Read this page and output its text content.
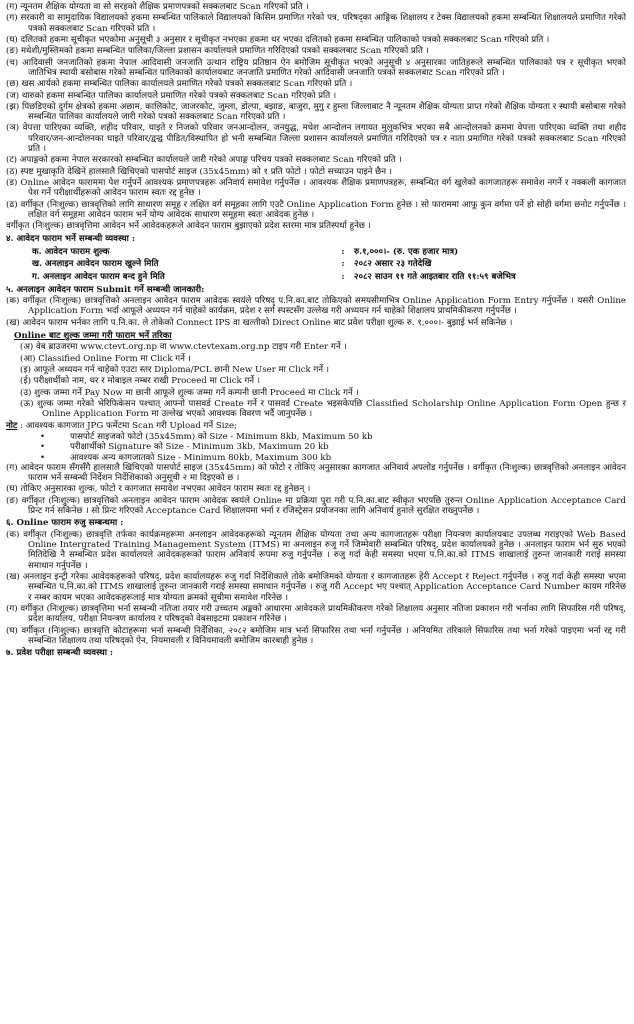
(ग) न्यूनतम शैक्षिक योग्यता वा सो सरहको शैक्षिक प्रमाणपत्रको सक्कलबाट Scan गरिएको प्रति ।

(ग) सरकारी वा सामुदायिक विद्यालयको हकमा सम्बन्धित पालिकाले विद्यालयको किसिम प्रमाणित गरेको पत्र, परिषद्का आङ्गिक शिक्षालय र टेक्स विद्यालयको हकमा सम्बन्धित शिक्षालयले प्रमाणित गरेको पत्रको सक्कलबाट Scan गरिएको प्रति ।

(घ) दलितको हकमा सूचीकृत भएकोमा अनुसूची ३ अनुसार र सूचीकृत नभएका हकमा थर भएका दलितको हकमा सम्बन्धित पालिकाको पत्रको सक्कलबाट Scan गरिएको प्रति ।

(ङ) मधेशी/मुस्लिमको हकमा सम्बन्धित पालिका/जिल्ला प्रशासन कार्यालयले प्रमाणित गरिदिएको पत्रको सक्कलबाट Scan गरिएको प्रति ।

(च) आदिवासी जनजातिको हकमा नेपाल आदिवासी जनजाति उत्थान राष्ट्रिय प्रतिष्ठान ऐन बमोजिम सूचीकृत भएको अनुसूची ४ अनुसारका जातिहरूले सम्बन्धित पालिकाको पत्र र सूचीकृत भएको जातिभित्र स्थायी बसोबास गरेको सम्बन्धित पालिकाको कार्यालयबाट जनजाति प्रमाणित गरेको आदिवासी जनजाति पत्रको सक्कलबाट Scan गरिएको प्रति ।

(छ) खस आर्यको हकमा सम्बन्धित पालिका कार्यालयले प्रमाणित गरेको पत्रको सक्कलबाट Scan गरिएको प्रति ।

(ज) थारुको हकमा सम्बन्धित पालिका कार्यालयले प्रमाणित गरेको पत्रको सक्कलबाट Scan गरिएको प्रति ।

(झ) पिछडिएको दुर्गम क्षेत्रको हकमा अछाम, कालिकोट, जाजरकोट, जुम्ला, डोल्पा, बझाङ, बाजुरा, मुगु र हुम्ला जिल्लाबाट नै न्यूनतम शैक्षिक योग्यता प्राप्त गरेको शैक्षिक योग्यता र स्थायी बसोबास गरेको सम्बन्धित पालिका कार्यालयले जारी गरेको पत्रको सक्कलबाट Scan गरिएको प्रति ।

(ञ) वेपत्ता पारिएका व्यक्ति, शहीद परिवार, घाइते र निजको परिवार जनआन्दोलन, जनयुद्ध, मधेश आन्दोलन लगायत मुलुकभित्र भएका सबै आन्दोलनको क्रममा वेपत्ता पारिएका व्यक्ति तथा शहीद परिवार/जन-आन्दोलनका घाइते परिवार/द्वन्द्व पीडित/विस्थापित हो भनी सम्बन्धित जिल्ला प्रशासन कार्यालयले प्रमाणित गरिदिएको पत्र र नाता प्रमाणित गरेको पत्रको सक्कलबाट Scan गरिएको प्रति ।

(ट) अपाङ्गको हकमा नेपाल सरकारको सम्बन्धित कार्यालयले जारी गरेको अपाङ्ग परिचय पत्रको सक्कलबाट Scan गरिएको प्रति ।

(ठ) स्पष्ट मुखाकृति देखिने हालसालै खिचिएको पासपोर्ट साइज (35x45mm) को १ प्रति फोटो । फोटो सच्याउन पाइने छैन ।

(ड) Online आवेदन फाराममा पेश गर्नुपर्ने आवश्यक प्रमाणपत्रहरू अनिवार्य समावेश गर्नुपर्नेछ । आवश्यक शैक्षिक प्रमाणपत्रहरू, सम्बन्धित वर्ग खुलेको कागजातहरू समावेश नगर्ने र नक्कली कागजात पेश गर्ने परीक्षार्थीहरूको आवेदन फाराम स्वतः रद्द हुनेछ ।

(ढ) वर्गीकृत (निःशुल्क) छात्रवृत्तिको लागि साधारण समूह र लक्षित वर्ग समूहका लागि एउटै Online Application Form हुनेछ । सो फाराममा आफू कुन वर्गमा पर्ने हो सोही वर्गमा छनोट गर्नुपर्नेछ । लक्षित वर्ग समूहमा आवेदन फाराम भर्ने योग्य आवेदक साधारण समूहमा स्वतः आवेदक हुनेछ ।

वर्गीकृत (निःशुल्क) छात्रवृत्तिमा आवेदन भर्ने आवेदकहरूले आवेदन फाराम बुझाएको प्रदेश स्तरमा मात्र प्रतिस्पर्धा हुनेछ ।

४. आवेदन फाराम भर्ने सम्बन्धी व्यवस्था :
क. आवेदन फाराम शुल्क	:	रु.१,०००।- (रु. एक हजार मात्र)
ख. अनलाइन आवेदन फाराम खुल्ने मिति	:	२०८२ असार २३ गतेदेखि
ग. अनलाइन आवेदन फाराम बन्द हुने मिति	:	२०८२ साउन ११ गते आइतबार राति ११:५९ बजेभित्र
५. अनलाइन आवेदन फाराम Submit गर्ने सम्बन्धी जानकारी:

(क) वर्गीकृत (निःशुल्क) छात्रवृत्तिको अनलाइन आवेदन फाराम आवेदक स्वयंले परिषद् प.नि.का.बाट तोकिएको समयसीमाभित्र Online Application Form Entry गर्नुपर्नेछ । यसरी Online Application Form भर्दा आफूले अध्ययन गर्न चाहेको कार्यक्रम, प्रदेश र सर्ग स्पस्टसँग उल्लेख गरी अध्ययन गर्न चाहेको शिक्षालय प्राथमिकीकरण गर्नुपर्नेछ ।

(ख) आवेदन फाराम भर्नका लागि प.नि.का. ले तोकेको Connect IPS वा खल्तीको Direct Online बाट प्रवेश परीक्षा शुल्क रु. १,०००।- बुझाई भर्न सकिनेछ ।

Online बाट शुल्क जम्मा गरी फाराम भर्ने तरिका

(अ) वेब ब्राउजरमा www.ctevt.org.np वा www.ctevtexam.org.np टाइप गरी Enter गर्ने ।

(आ) Classified Online Form मा Click गर्ने ।

(इ) आफूले अध्ययन गर्न चाहेको एउटा स्तर Diploma/PCL छानी New User मा Click गर्ने ।

(ई) परीक्षार्थीको नाम, थर र मोबाइल नम्बर राखी Proceed मा Click गर्ने ।

(उ) शुल्क जम्मा गर्ने Pay Now मा छानी आफूले शुल्क जम्मा गर्ने कम्पनी छानी Proceed मा Click गर्ने ।

(ऊ) शुल्क जम्मा गरेको भेरिफिकेसन पश्चात् आफ्नो पासवर्ड Create गर्ने र पासवर्ड Create भइसकेपछि Classified Scholarship Online Application Form Open हुन्छ र Online Application Form मा उल्लेख भएको आवश्यक विवरण भर्दै जानुपर्नेछ ।

नोट : आवश्यक कागजात JPG फर्मेटमा Scan गरी Upload गर्ने Size;

• पासपोर्ट साइजको फोटो (35x45mm) को Size - Minimum 8kb, Maximum 50 kb
• परीक्षार्थीको Signature को Size - Minimum 3kb, Maximum 20 kb
• आवश्यक अन्य कागजातको Size - Minimum 80kb, Maximum 300 kb

(ग) आवेदन फाराम सँगसँगै हालसालै खिचिएको पासपोर्ट साइज (35x45mm) को फोटो र तोकिए अनुसारका कागजात अनिवार्य अपलोड गर्नुपर्नेछ । वर्गीकृत (निःशुल्क) छात्रवृत्तिको अनलाइन आवेदन फाराम भर्ने सम्बन्धी निर्देशन निर्देशिकाको अनुसूची २ मा दिइएको छ ।

(घ) तोकिए अनुसारका शुल्क, फोटो र कागजात समावेश नभएका आवेदन फाराम स्वतः रद्द हुनेछन् ।

(ङ) वर्गीकृत (निःशुल्क) छात्रवृत्तिको अनलाइन आवेदन फाराम आवेदक स्वयंले Online मा प्रक्रिया पूरा गरी प.नि.का.बाट स्वीकृत भएपछि तुरुन्त Online Application Acceptance Card प्रिन्ट गर्न सकिनेछ । सो प्रिन्ट गरिएको Acceptance Card शिक्षालयमा भर्ना र रजिस्ट्रेसन प्रयोजनका लागि अनिवार्य हुनाले सुरक्षित राख्नुपर्नेछ ।

६. Online फाराम रुजु सम्बन्धमा :

(क) वर्गीकृत (निःशुल्क) छात्रवृत्ति तर्फका कार्यक्रमहरूमा अनलाइन आवेदकहरूको न्यूनतम शैक्षिक योग्यता तथा अन्य कागजातहरू परीक्षा नियन्त्रण कार्यालयबाट उपलब्ध गराइएको Web Based Online Intergrated Training Management System (ITMS) मा अनलाइन रुजु गर्ने जिम्मेवारी सम्बन्धित परिषद्, प्रदेश कार्यालयको हुनेछ । अनलाइन फाराम भर्न सुरु भएको मितिदेखि नै सम्बन्धित प्रदेश कार्यालयले आवेदकहरूको फाराम अनिवार्य रूपमा रुजु गर्नुपर्नेछ । रुजु गर्दा केही समस्या भएमा प.नि.का.को ITMS शाखालाई तुरुन्त जानकारी गराई समस्या समाधान गर्नुपर्नेछ ।

(ख) अनलाइन इन्ट्री गरेका आवेदकहरूको परिषद्, प्रदेश कार्यालयहरू रुजु गर्दा निर्देशिकाले तोके बमोजिमको योग्यता र कागजातहरू हेरी Accept र Reject गर्नुपर्नेछ । रुजु गर्दा केही समस्या भएमा सम्बन्धित प.नि.का.को ITMS शाखालाई तुरुन्त जानकारी गराई समस्या समाधान गर्नुपर्नेछ । रुजु गरी Accept भए पश्चात् Application Acceptance Card Number कायम गरिनेछ र नम्बर कायम भएका आवेदकहरूलाई मात्र योग्यता क्रमको सूचीमा समावेश गरिनेछ ।

(ग) वर्गीकृत (निःशुल्क) छात्रवृत्तिमा भर्ना सम्बन्धी नतिजा तयार गरी उच्चतम अङ्कको आधारमा आवेदकले प्राथमिकीकरण गरेको शिक्षालय अनुसार नतिजा प्रकाशन गरी भर्नाका लागि सिफारिस गरी परिषद्, प्रदेश कार्यालय, परीक्षा नियन्त्रण कार्यालय र परिषद्को वेबसाइटमा प्रकाशन गरिनेछ ।

(घ) वर्गीकृत (निःशुल्क) छात्रवृत्ति कोटाहरूमा भर्ना सम्बन्धी निर्देशिका, २०८२ बमोजिम मात्र भर्ना सिफारिस तथा भर्ना गर्नुपर्नेछ । अनियमित तरिकाले सिफारिस तथा भर्ना गरेको पाइएमा भर्ना रद्द गरी सम्बन्धित शिक्षालय तथा परिषद्को ऐन, नियमावली र विनियमावली बमोजिम कारबाही हुनेछ ।

७. प्रवेश परीक्षा सम्बन्धी व्यवस्था :
